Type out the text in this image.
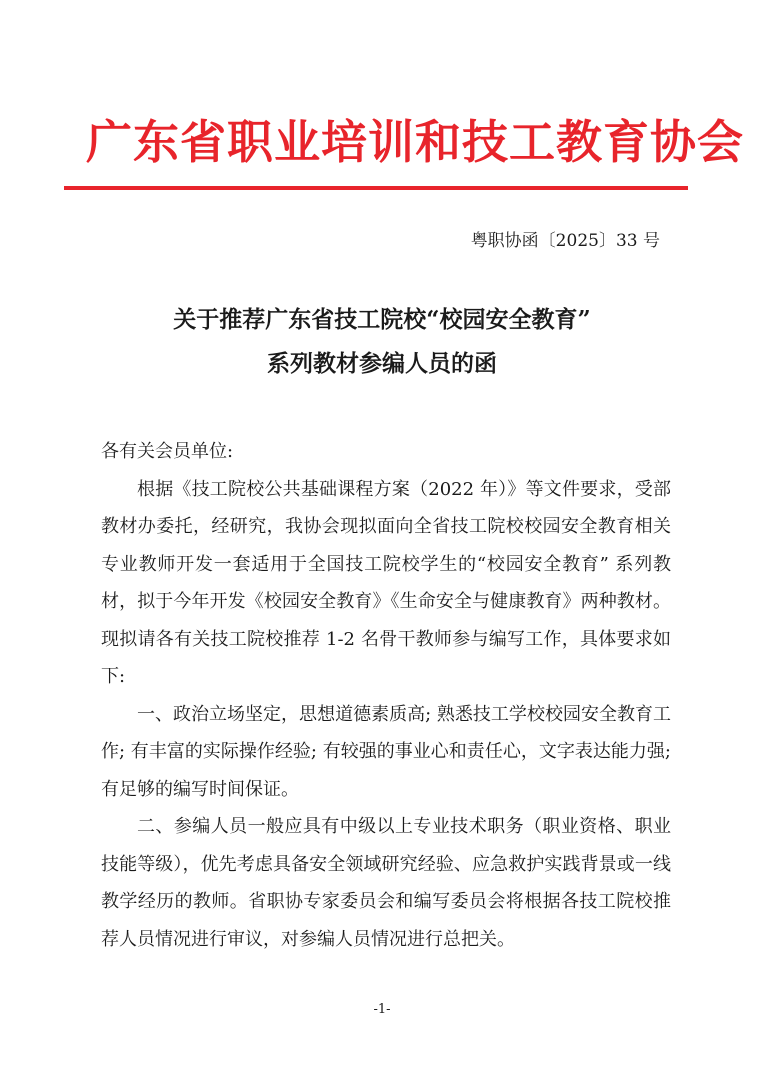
广东省职业培训和技工教育协会
粤职协函〔2025〕33 号
关于推荐广东省技工院校“校园安全教育”
系列教材参编人员的函

各有关会员单位:

根据《技工院校公共基础课程方案（2022 年）》等文件要求，受部教材办委托，经研究，我协会现拟面向全省技工院校校园安全教育相关专业教师开发一套适用于全国技工院校学生的“校园安全教育” 系列教材，拟于今年开发《校园安全教育》《生命安全与健康教育》两种教材。现拟请各有关技工院校推荐 1-2 名骨干教师参与编写工作，具体要求如下:

一、政治立场坚定，思想道德素质高; 熟悉技工学校校园安全教育工作; 有丰富的实际操作经验; 有较强的事业心和责任心，文字表达能力强; 有足够的编写时间保证。

二、参编人员一般应具有中级以上专业技术职务（职业资格、职业技能等级），优先考虑具备安全领域研究经验、应急救护实践背景或一线教学经历的教师。省职协专家委员会和编写委员会将根据各技工院校推荐人员情况进行审议，对参编人员情况进行总把关。

-1-
